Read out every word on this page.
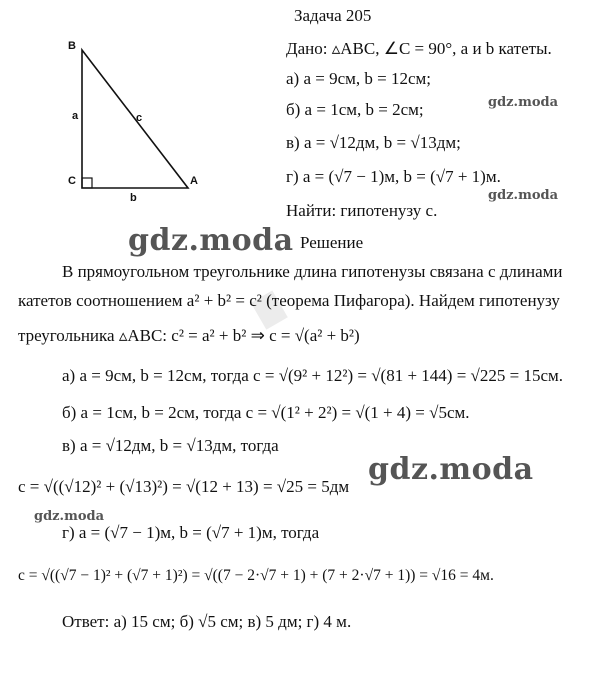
∎
B
C	A
a
b
c
Задача 205
Дано: ▵ABC, ∠C = 90°, a и b катеты.
а) a = 9см, b = 12см;
б) a = 1см, b = 2см;
в) a = √12дм, b = √13дм;
г) a = (√7 − 1)м, b = (√7 + 1)м.
Найти: гипотенузу c.
Решение
В прямоугольном треугольнике длина гипотенузы связана с длинами
катетов соотношением a² + b² = c² (теорема Пифагора). Найдем гипотенузу
треугольника ▵ABC: c² = a² + b² ⇒ c = √(a² + b²)
а) a = 9см, b = 12см, тогда c = √(9² + 12²) = √(81 + 144) = √225 = 15см.
б) a = 1см, b = 2см, тогда c = √(1² + 2²) = √(1 + 4) = √5см.
в) a = √12дм, b = √13дм, тогда
c = √((√12)² + (√13)²) = √(12 + 13) = √25 = 5дм
г) a = (√7 − 1)м, b = (√7 + 1)м, тогда
c = √((√7 − 1)² + (√7 + 1)²) = √((7 − 2·√7 + 1) + (7 + 2·√7 + 1)) = √16 = 4м.
Ответ: а) 15 см; б) √5 см; в) 5 дм; г) 4 м.
gdz.moda
gdz.moda
gdz.moda
gdz.moda
gdz.moda
